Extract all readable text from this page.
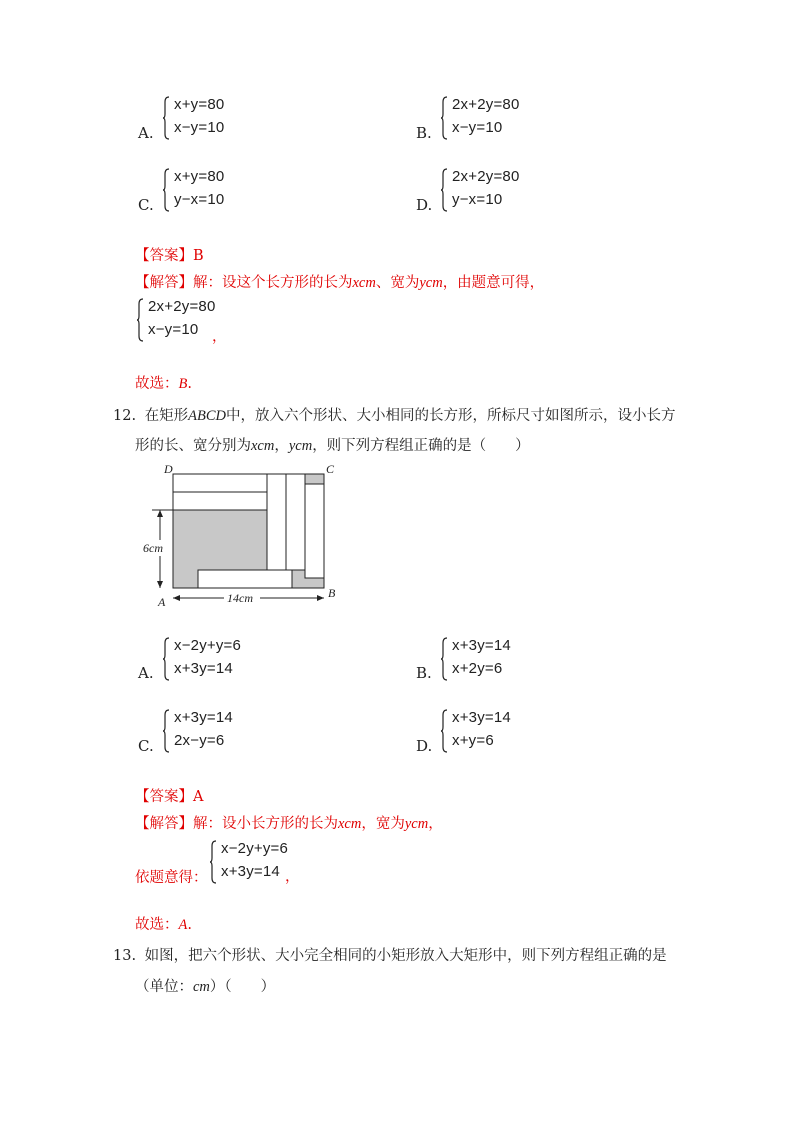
A.
x+y=80
x−y=10	B.
2x+2y=80
x−y=10
C.
x+y=80
y−x=10	D.
2x+2y=80
y−x=10
【答案】B
【解答】解：设这个长方形的长为xcm、宽为ycm，由题意可得，
2x+2y=80
x−y=10 ，
故选：B.
12. 在矩形ABCD中，放入六个形状、大小相同的长方形，所标尺寸如图所示，设小长方
形的长、宽分别为xcm，ycm，则下列方程组正确的是（　　）
D	C
A
B
6cm
14cm
A.
x−2y+y=6
x+3y=14	B.
x+3y=14
x+2y=6
C.
x+3y=14
2x−y=6	D.
x+3y=14
x+y=6
【答案】A
【解答】解：设小长方形的长为xcm，宽为ycm，
依题意得：
x−2y+y=6
x+3y=14 ，
故选：A.
13. 如图，把六个形状、大小完全相同的小矩形放入大矩形中，则下列方程组正确的是
（单位：cm）（　　）
